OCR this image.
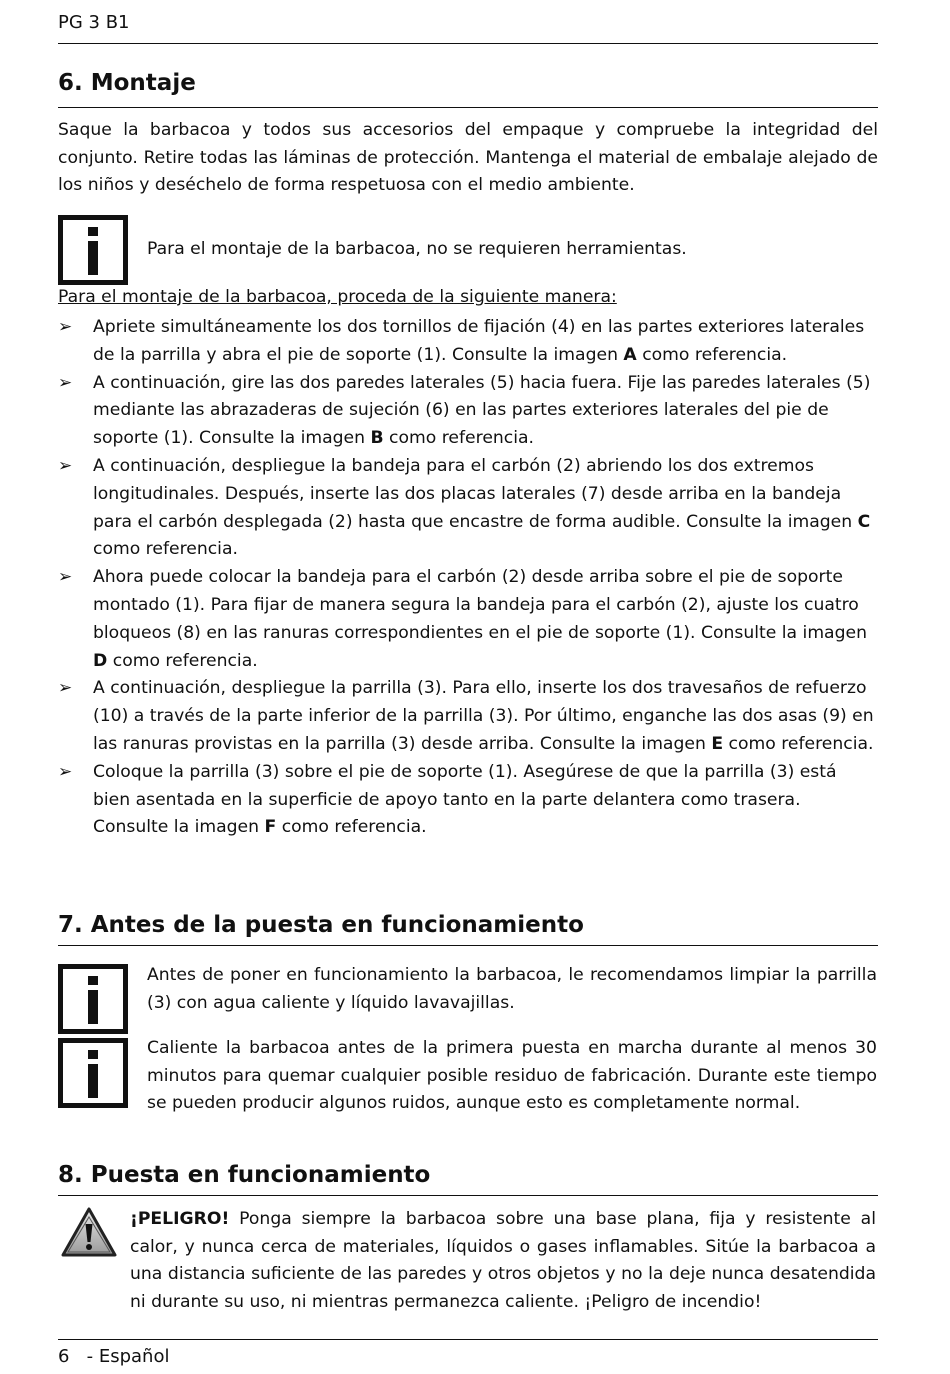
PG 3 B1
6. Montaje
Saque la barbacoa y todos sus accesorios del empaque y compruebe la integridad del conjunto. Retire todas las láminas de protección. Mantenga el material de embalaje alejado de los niños y deséchelo de forma respetuosa con el medio ambiente.
Para el montaje de la barbacoa, no se requieren herramientas.
Para el montaje de la barbacoa, proceda de la siguiente manera:
➢ Apriete simultáneamente los dos tornillos de fijación (4) en las partes exteriores laterales de la parrilla y abra el pie de soporte (1). Consulte la imagen A como referencia.
➢ A continuación, gire las dos paredes laterales (5) hacia fuera. Fije las paredes laterales (5) mediante las abrazaderas de sujeción (6) en las partes exteriores laterales del pie de soporte (1). Consulte la imagen B como referencia.
➢ A continuación, despliegue la bandeja para el carbón (2) abriendo los dos extremos longitudinales. Después, inserte las dos placas laterales (7) desde arriba en la bandeja para el carbón desplegada (2) hasta que encastre de forma audible. Consulte la imagen C como referencia.
➢ Ahora puede colocar la bandeja para el carbón (2) desde arriba sobre el pie de soporte montado (1). Para fijar de manera segura la bandeja para el carbón (2), ajuste los cuatro bloqueos (8) en las ranuras correspondientes en el pie de soporte (1). Consulte la imagen D como referencia.
➢ A continuación, despliegue la parrilla (3). Para ello, inserte los dos travesaños de refuerzo (10) a través de la parte inferior de la parrilla (3). Por último, enganche las dos asas (9) en las ranuras provistas en la parrilla (3) desde arriba. Consulte la imagen E como referencia.
➢ Coloque la parrilla (3) sobre el pie de soporte (1). Asegúrese de que la parrilla (3) está bien asentada en la superficie de apoyo tanto en la parte delantera como trasera. Consulte la imagen F como referencia.
7. Antes de la puesta en funcionamiento
Antes de poner en funcionamiento la barbacoa, le recomendamos limpiar la parrilla (3) con agua caliente y líquido lavavajillas.
Caliente la barbacoa antes de la primera puesta en marcha durante al menos 30 minutos para quemar cualquier posible residuo de fabricación. Durante este tiempo se pueden producir algunos ruidos, aunque esto es completamente normal.
8. Puesta en funcionamiento
¡PELIGRO! Ponga siempre la barbacoa sobre una base plana, fija y resistente al calor, y nunca cerca de materiales, líquidos o gases inflamables. Sitúe la barbacoa a una distancia suficiente de las paredes y otros objetos y no la deje nunca desatendida ni durante su uso, ni mientras permanezca caliente. ¡Peligro de incendio!
6 - Español
